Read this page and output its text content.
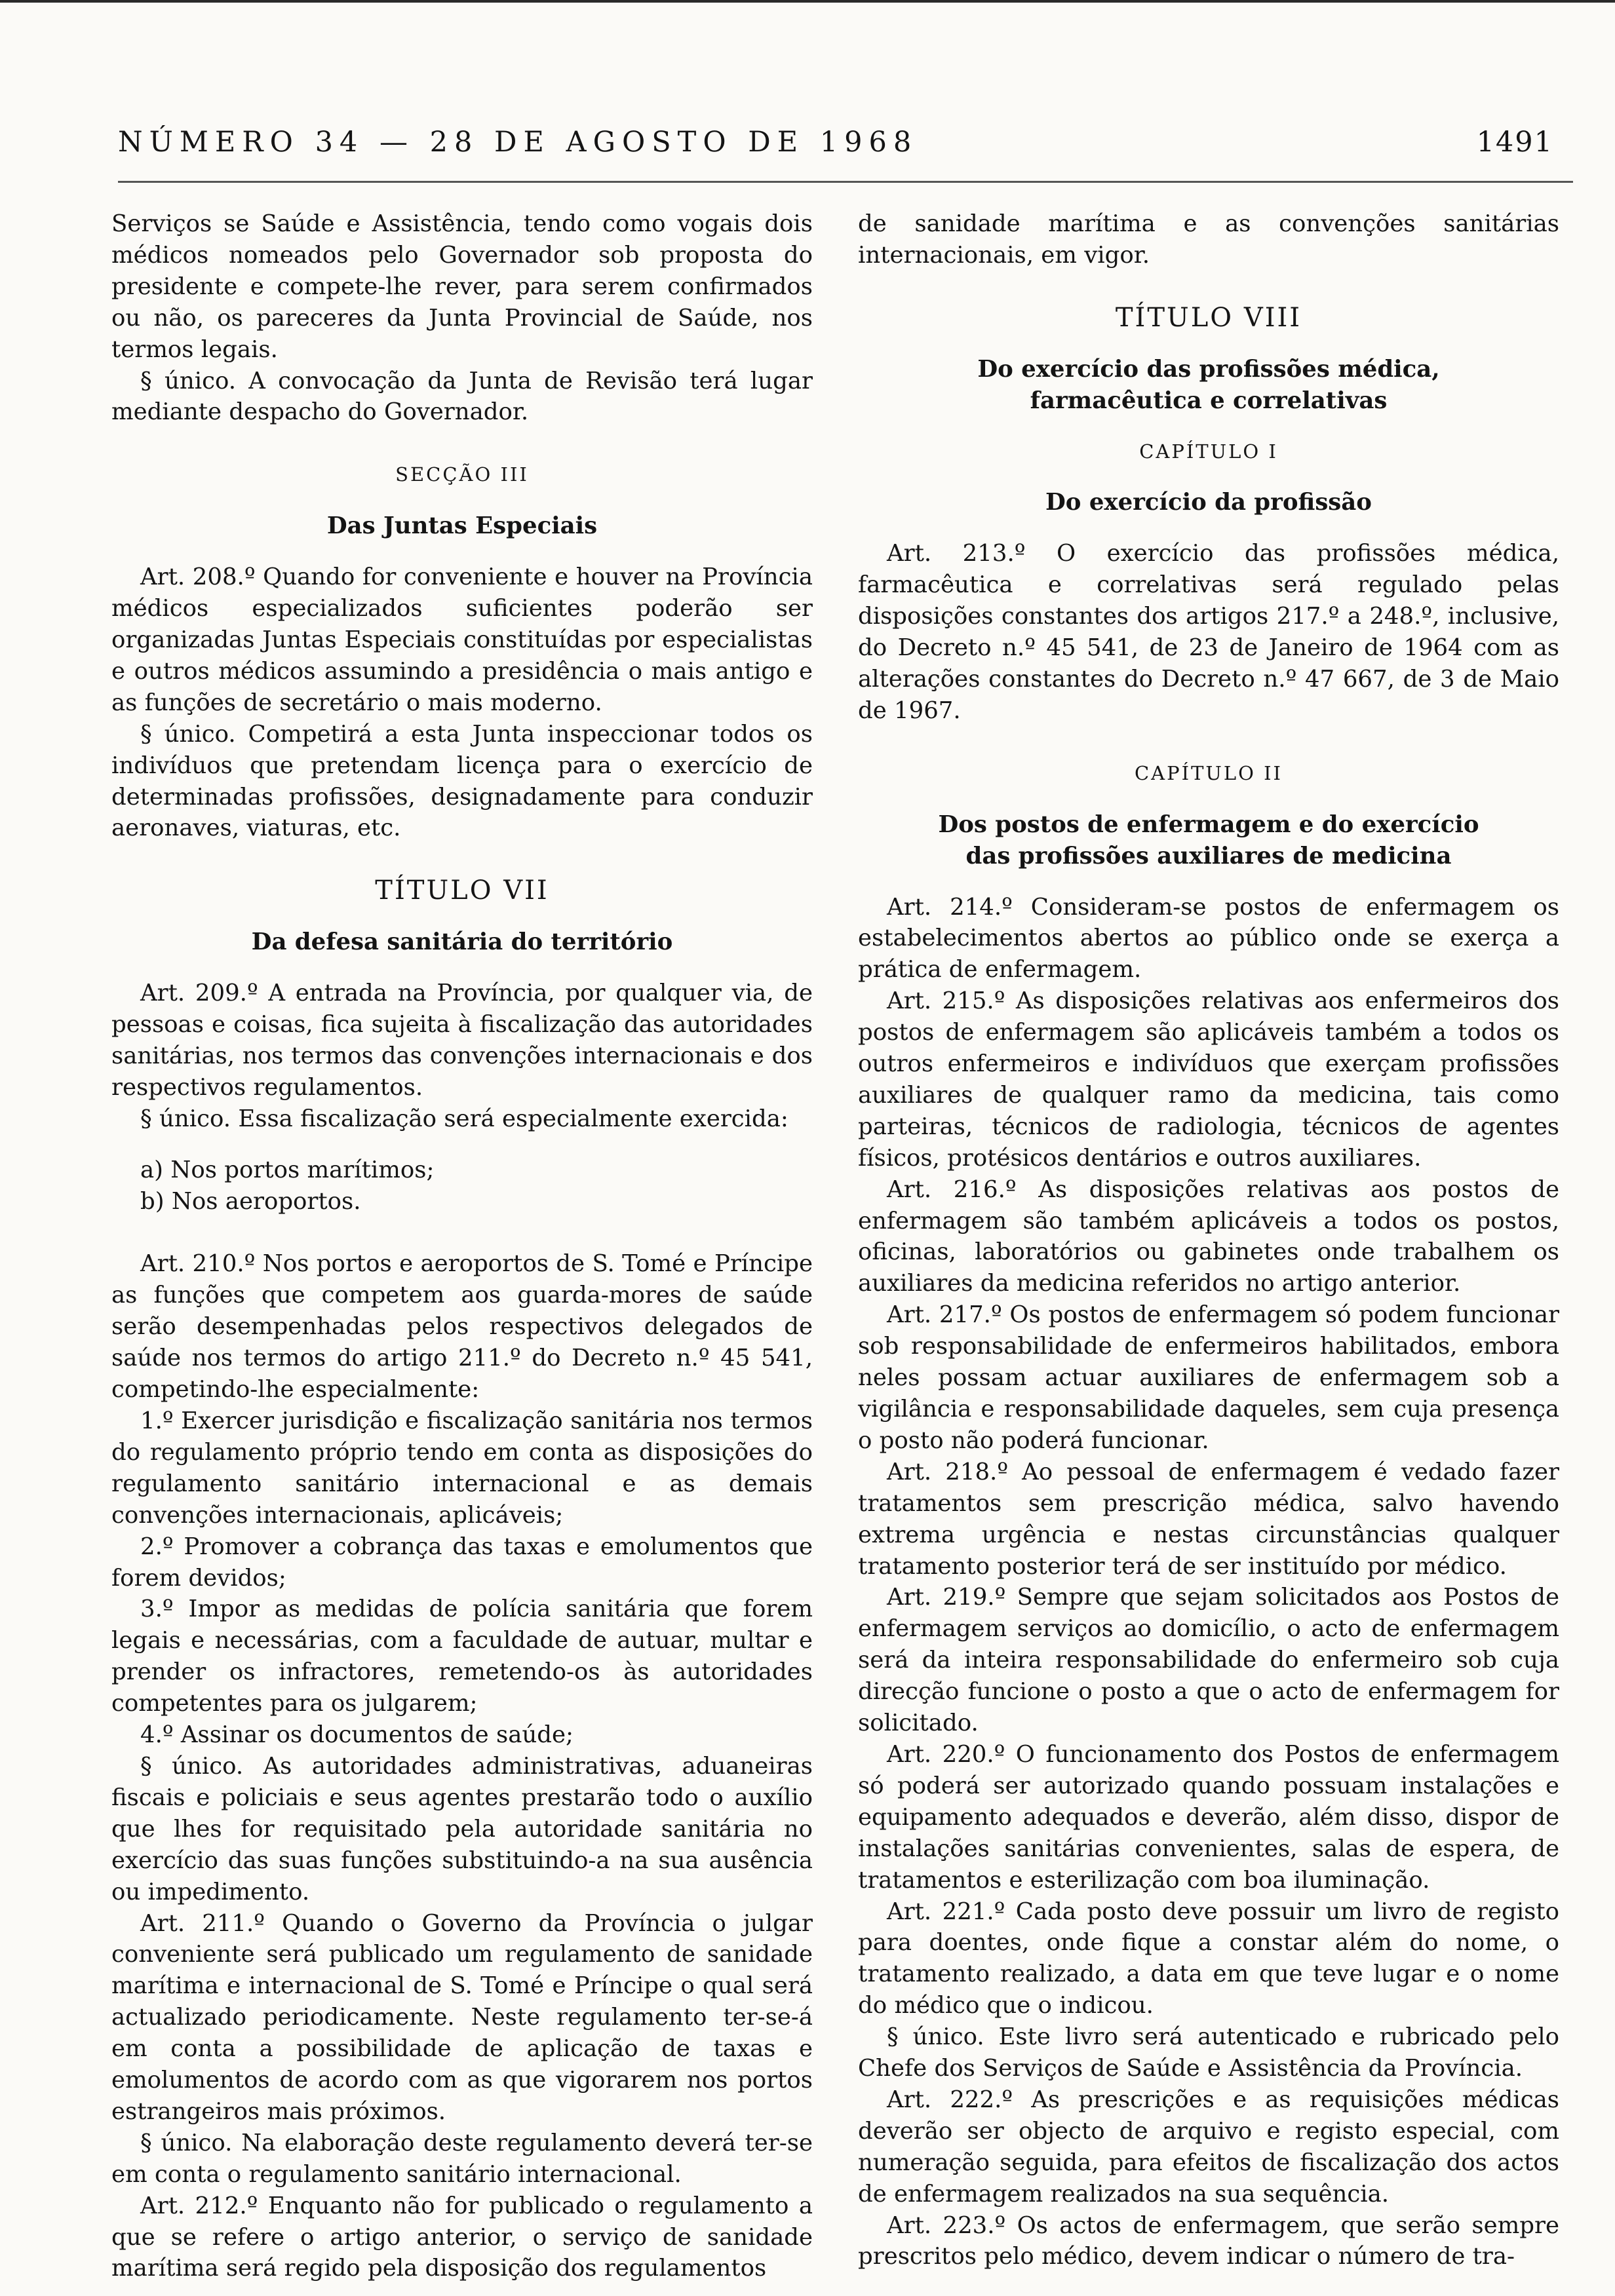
NÚMERO 34 — 28 DE AGOSTO DE 1968	1491

Serviços se Saúde e Assistência, tendo como vogais dois médicos nomeados pelo Governador sob proposta do presidente e compete-lhe rever, para serem confirmados ou não, os pareceres da Junta Provincial de Saúde, nos termos legais.

§ único. A convocação da Junta de Revisão terá lugar mediante despacho do Governador.

SECÇÃO III

Das Juntas Especiais

Art. 208.º Quando for conveniente e houver na Província médicos especializados suficientes poderão ser organizadas Juntas Especiais constituídas por especialistas e outros médicos assumindo a presidência o mais antigo e as funções de secretário o mais moderno.

§ único. Competirá a esta Junta inspeccionar todos os indivíduos que pretendam licença para o exercício de determinadas profissões, designadamente para conduzir aeronaves, viaturas, etc.

TÍTULO VII

Da defesa sanitária do território

Art. 209.º A entrada na Província, por qualquer via, de pessoas e coisas, fica sujeita à fiscalização das autoridades sanitárias, nos termos das convenções internacionais e dos respectivos regulamentos.

§ único. Essa fiscalização será especialmente exercida:

a) Nos portos marítimos;

b) Nos aeroportos.

Art. 210.º Nos portos e aeroportos de S. Tomé e Príncipe as funções que competem aos guarda-mores de saúde serão desempenhadas pelos respectivos delegados de saúde nos termos do artigo 211.º do Decreto n.º 45 541, competindo-lhe especialmente:

1.º Exercer jurisdição e fiscalização sanitária nos termos do regulamento próprio tendo em conta as disposições do regulamento sanitário internacional e as demais convenções internacionais, aplicáveis;

2.º Promover a cobrança das taxas e emolumentos que forem devidos;

3.º Impor as medidas de polícia sanitária que forem legais e necessárias, com a faculdade de autuar, multar e prender os infractores, remetendo-os às autoridades competentes para os julgarem;

4.º Assinar os documentos de saúde;

§ único. As autoridades administrativas, aduaneiras fiscais e policiais e seus agentes prestarão todo o auxílio que lhes for requisitado pela autoridade sanitária no exercício das suas funções substituindo-a na sua ausência ou impedimento.

Art. 211.º Quando o Governo da Província o julgar conveniente será publicado um regulamento de sanidade marítima e internacional de S. Tomé e Príncipe o qual será actualizado periodicamente. Neste regulamento ter-se-á em conta a possibilidade de aplicação de taxas e emolumentos de acordo com as que vigorarem nos portos estrangeiros mais próximos.

§ único. Na elaboração deste regulamento deverá ter-se em conta o regulamento sanitário internacional.

Art. 212.º Enquanto não for publicado o regulamento a que se refere o artigo anterior, o serviço de sanidade marítima será regido pela disposição dos regulamentos

de sanidade marítima e as convenções sanitárias internacionais, em vigor.

TÍTULO VIII

Do exercício das profissões médica,

farmacêutica e correlativas

CAPÍTULO I

Do exercício da profissão

Art. 213.º O exercício das profissões médica, farmacêutica e correlativas será regulado pelas disposições constantes dos artigos 217.º a 248.º, inclusive, do Decreto n.º 45 541, de 23 de Janeiro de 1964 com as alterações constantes do Decreto n.º 47 667, de 3 de Maio de 1967.

CAPÍTULO II

Dos postos de enfermagem e do exercício

das profissões auxiliares de medicina

Art. 214.º Consideram-se postos de enfermagem os estabelecimentos abertos ao público onde se exerça a prática de enfermagem.

Art. 215.º As disposições relativas aos enfermeiros dos postos de enfermagem são aplicáveis também a todos os outros enfermeiros e indivíduos que exerçam profissões auxiliares de qualquer ramo da medicina, tais como parteiras, técnicos de radiologia, técnicos de agentes físicos, protésicos dentários e outros auxiliares.

Art. 216.º As disposições relativas aos postos de enfermagem são também aplicáveis a todos os postos, oficinas, laboratórios ou gabinetes onde trabalhem os auxiliares da medicina referidos no artigo anterior.

Art. 217.º Os postos de enfermagem só podem funcionar sob responsabilidade de enfermeiros habilitados, embora neles possam actuar auxiliares de enfermagem sob a vigilância e responsabilidade daqueles, sem cuja presença o posto não poderá funcionar.

Art. 218.º Ao pessoal de enfermagem é vedado fazer tratamentos sem prescrição médica, salvo havendo extrema urgência e nestas circunstâncias qualquer tratamento posterior terá de ser instituído por médico.

Art. 219.º Sempre que sejam solicitados aos Postos de enfermagem serviços ao domicílio, o acto de enfermagem será da inteira responsabilidade do enfermeiro sob cuja direcção funcione o posto a que o acto de enfermagem for solicitado.

Art. 220.º O funcionamento dos Postos de enfermagem só poderá ser autorizado quando possuam instalações e equipamento adequados e deverão, além disso, dispor de instalações sanitárias convenientes, salas de espera, de tratamentos e esterilização com boa iluminação.

Art. 221.º Cada posto deve possuir um livro de registo para doentes, onde fique a constar além do nome, o tratamento realizado, a data em que teve lugar e o nome do médico que o indicou.

§ único. Este livro será autenticado e rubricado pelo Chefe dos Serviços de Saúde e Assistência da Província.

Art. 222.º As prescrições e as requisições médicas deverão ser objecto de arquivo e registo especial, com numeração seguida, para efeitos de fiscalização dos actos de enfermagem realizados na sua sequência.

Art. 223.º Os actos de enfermagem, que serão sempre prescritos pelo médico, devem indicar o número de tra-
